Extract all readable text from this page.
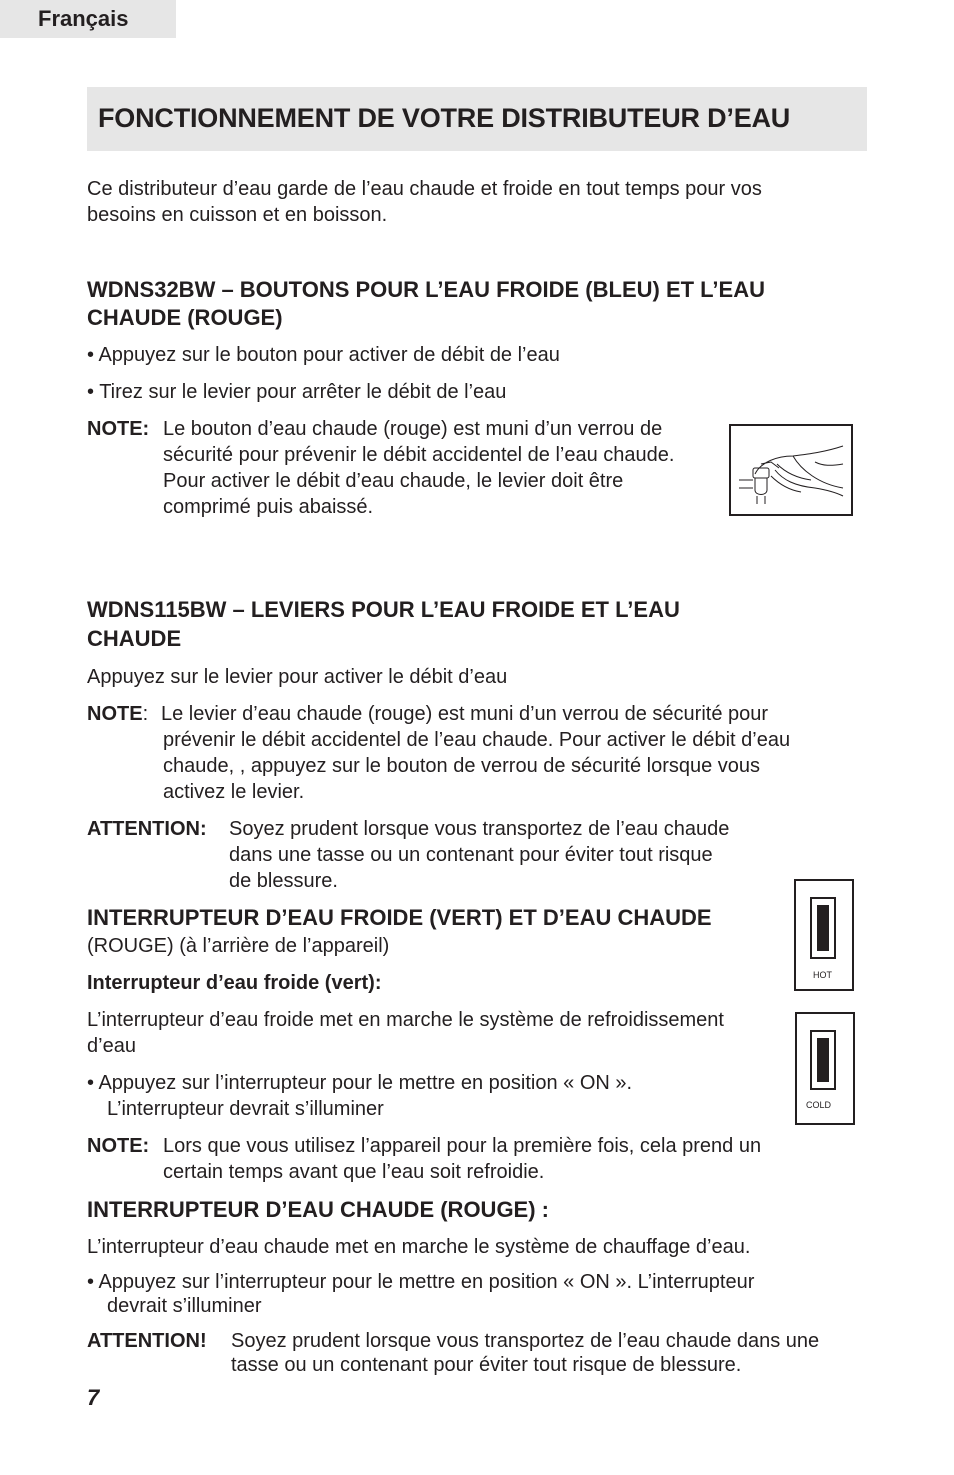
Français
FONCTIONNEMENT DE VOTRE DISTRIBUTEUR D’EAU
Ce distributeur d’eau garde de l’eau chaude et froide en tout temps pour vos
besoins en cuisson et en boisson.
WDNS32BW – BOUTONS POUR L’EAU FROIDE (BLEU) ET L’EAU
CHAUDE (ROUGE)
• Appuyez sur le bouton pour activer de débit de l’eau
• Tirez sur le levier pour arrêter le débit de l’eau
NOTE: Le bouton d’eau chaude (rouge) est muni d’un verrou de
sécurité pour prévenir le débit accidentel de l’eau chaude.
Pour activer le débit d’eau chaude, le levier doit être
comprimé puis abaissé.
WDNS115BW – LEVIERS POUR L’EAU FROIDE ET L’EAU
CHAUDE
Appuyez sur le levier pour activer le débit d’eau
NOTE: Le levier d’eau chaude (rouge) est muni d’un verrou de sécurité pour
prévenir le débit accidentel de l’eau chaude. Pour activer le débit d’eau
chaude, , appuyez sur le bouton de verrou de sécurité lorsque vous
activez le levier.
ATTENTION: Soyez prudent lorsque vous transportez de l’eau chaude
dans une tasse ou un contenant pour éviter tout risque
de blessure.
INTERRUPTEUR D’EAU FROIDE (VERT) ET D’EAU CHAUDE
(ROUGE) (à l’arrière de l’appareil)
Interrupteur d’eau froide (vert):
L’interrupteur d’eau froide met en marche le système de refroidissement
d’eau
• Appuyez sur l’interrupteur pour le mettre en position « ON ».
L’interrupteur devrait s’illuminer
NOTE: Lors que vous utilisez l’appareil pour la première fois, cela prend un
certain temps avant que l’eau soit refroidie.
INTERRUPTEUR D’EAU CHAUDE (ROUGE) :
L’interrupteur d’eau chaude met en marche le système de chauffage d’eau.
• Appuyez sur l’interrupteur pour le mettre en position « ON ». L’interrupteur
devrait s’illuminer
ATTENTION! Soyez prudent lorsque vous transportez de l’eau chaude dans une
tasse ou un contenant pour éviter tout risque de blessure.
HOT
COLD
7
